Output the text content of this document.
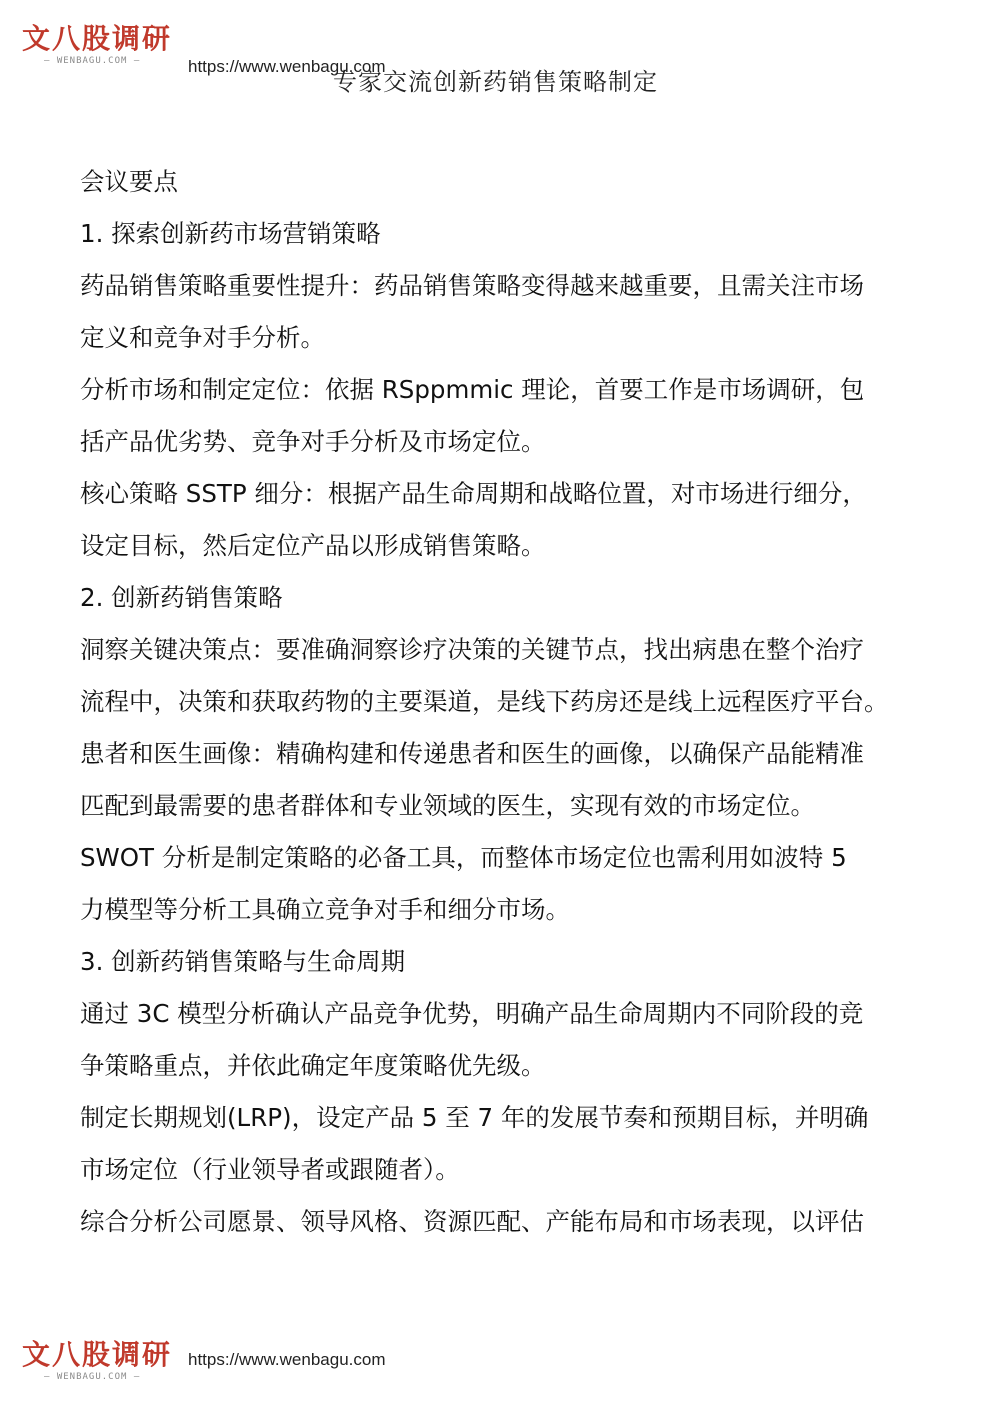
文八股调研
— WENBAGU.COM —	https://www.wenbagu.com
专家交流创新药销售策略制定

会议要点

1. 探索创新药市场营销策略

药品销售策略重要性提升：药品销售策略变得越来越重要，且需关注市场

定义和竞争对手分析。

分析市场和制定定位：依据 RSppmmic 理论，首要工作是市场调研，包

括产品优劣势、竞争对手分析及市场定位。

核心策略 SSTP 细分：根据产品生命周期和战略位置，对市场进行细分，

设定目标，然后定位产品以形成销售策略。

2. 创新药销售策略

洞察关键决策点：要准确洞察诊疗决策的关键节点，找出病患在整个治疗

流程中，决策和获取药物的主要渠道，是线下药房还是线上远程医疗平台。

患者和医生画像：精确构建和传递患者和医生的画像，以确保产品能精准

匹配到最需要的患者群体和专业领域的医生，实现有效的市场定位。

SWOT 分析是制定策略的必备工具，而整体市场定位也需利用如波特 5

力模型等分析工具确立竞争对手和细分市场。

3. 创新药销售策略与生命周期

通过 3C 模型分析确认产品竞争优势，明确产品生命周期内不同阶段的竞

争策略重点，并依此确定年度策略优先级。

制定长期规划(LRP)，设定产品 5 至 7 年的发展节奏和预期目标，并明确

市场定位（行业领导者或跟随者）。

综合分析公司愿景、领导风格、资源匹配、产能布局和市场表现，以评估

文八股调研
— WENBAGU.COM —
https://www.wenbagu.com
